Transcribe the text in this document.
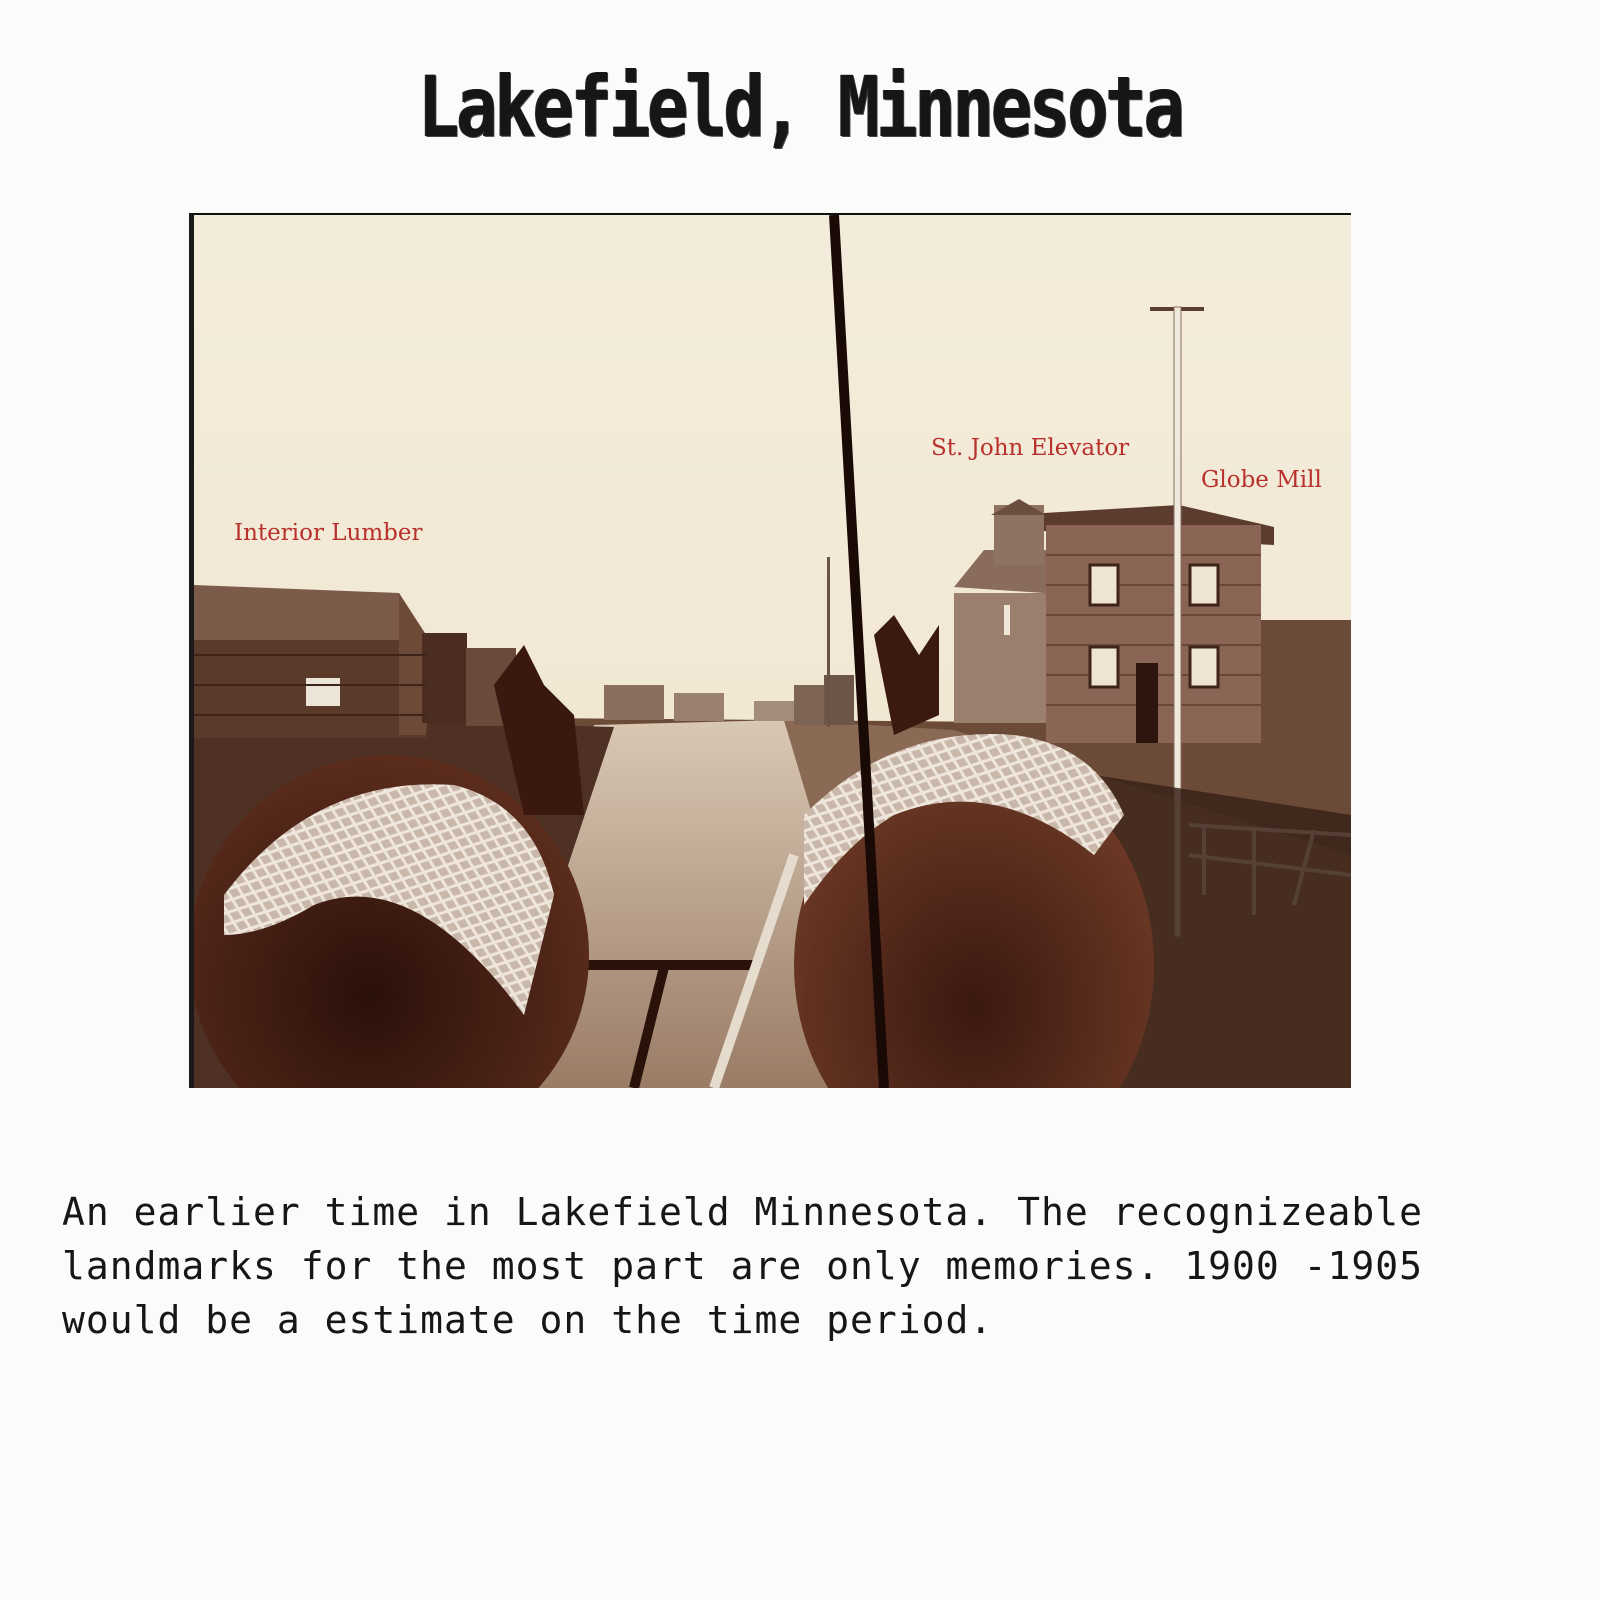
Lakefield, Minnesota
Interior Lumber
St. John Elevator
Globe Mill

An earlier time in Lakefield Minnesota. The recognizeable landmarks for the most part are only memories. 1900 -1905 would be a estimate on the time period.
